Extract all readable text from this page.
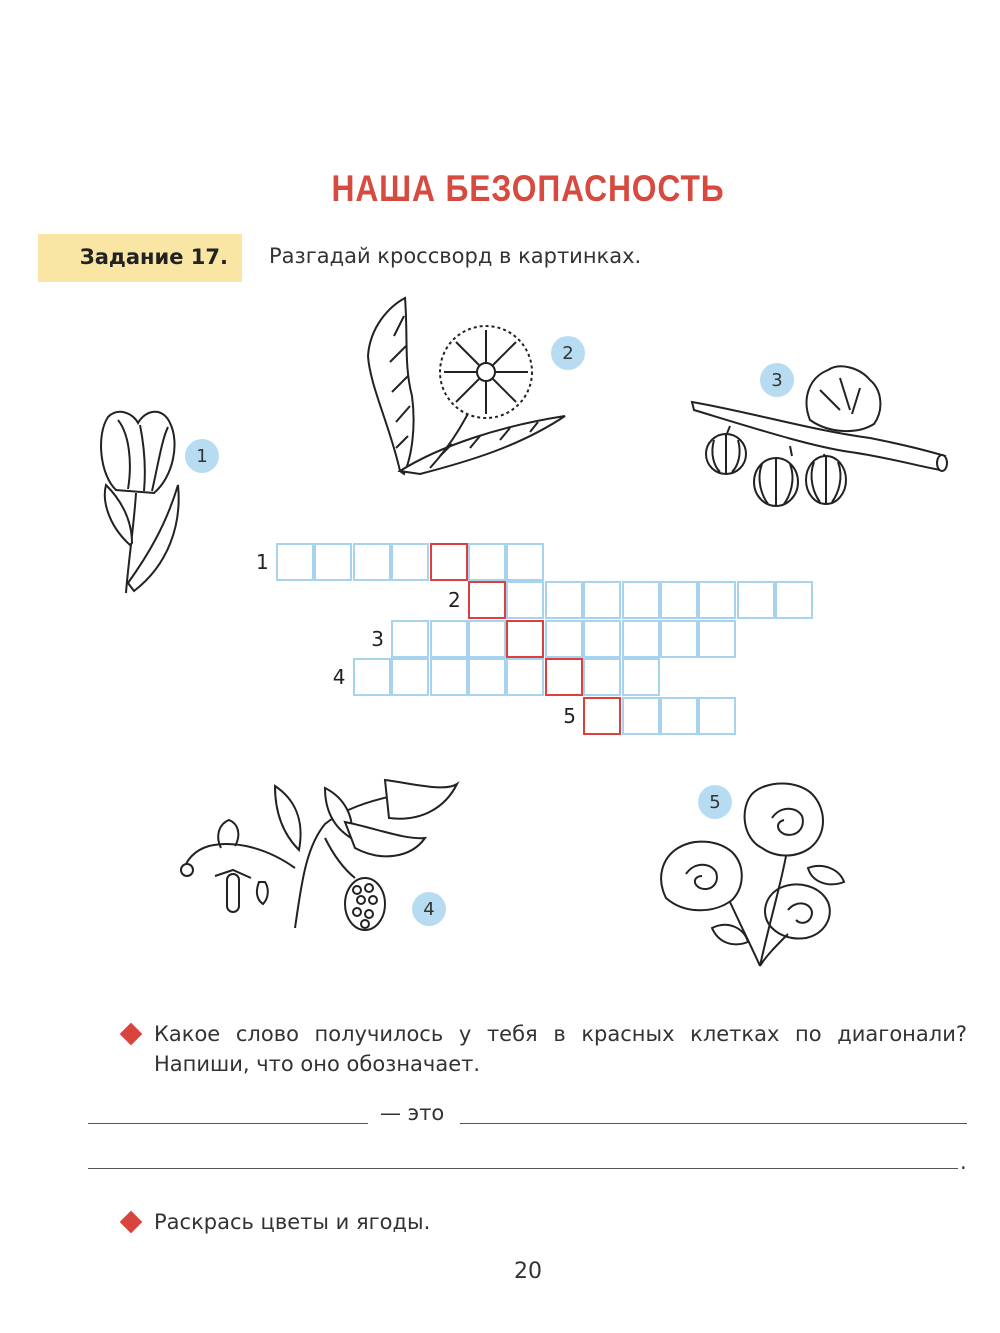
НАША БЕЗОПАСНОСТЬ
Задание 17. Разгадай кроссворд в картинках.
1
2
3
1
2
3
4
5
4
5
Какое слово получилось у тебя в красных клетках по диагонали?
Напиши, что оно обозначает.
— это
.
Раскрась цветы и ягоды.
20
